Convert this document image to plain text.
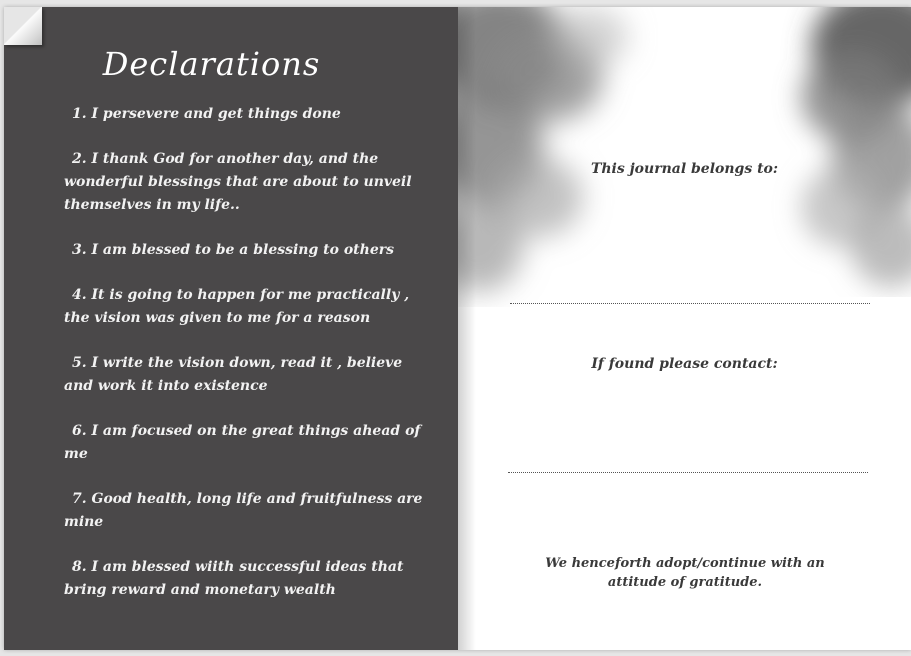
Declarations
1. I persevere and get things done
2. I thank God for another day, and the wonderful blessings that are about to unveil themselves in my life..
3. I am blessed to be a blessing to others
4. It is going to happen for me practically , the vision was given to me for a reason
5. I write the vision down, read it , believe and work it into existence
6. I am focused on the great things ahead of me
7. Good health, long life and fruitfulness are mine
8. I am blessed wiith successful ideas that bring reward and monetary wealth
This journal belongs to:
If found please contact:
We henceforth adopt/continue with an attitude of gratitude.
